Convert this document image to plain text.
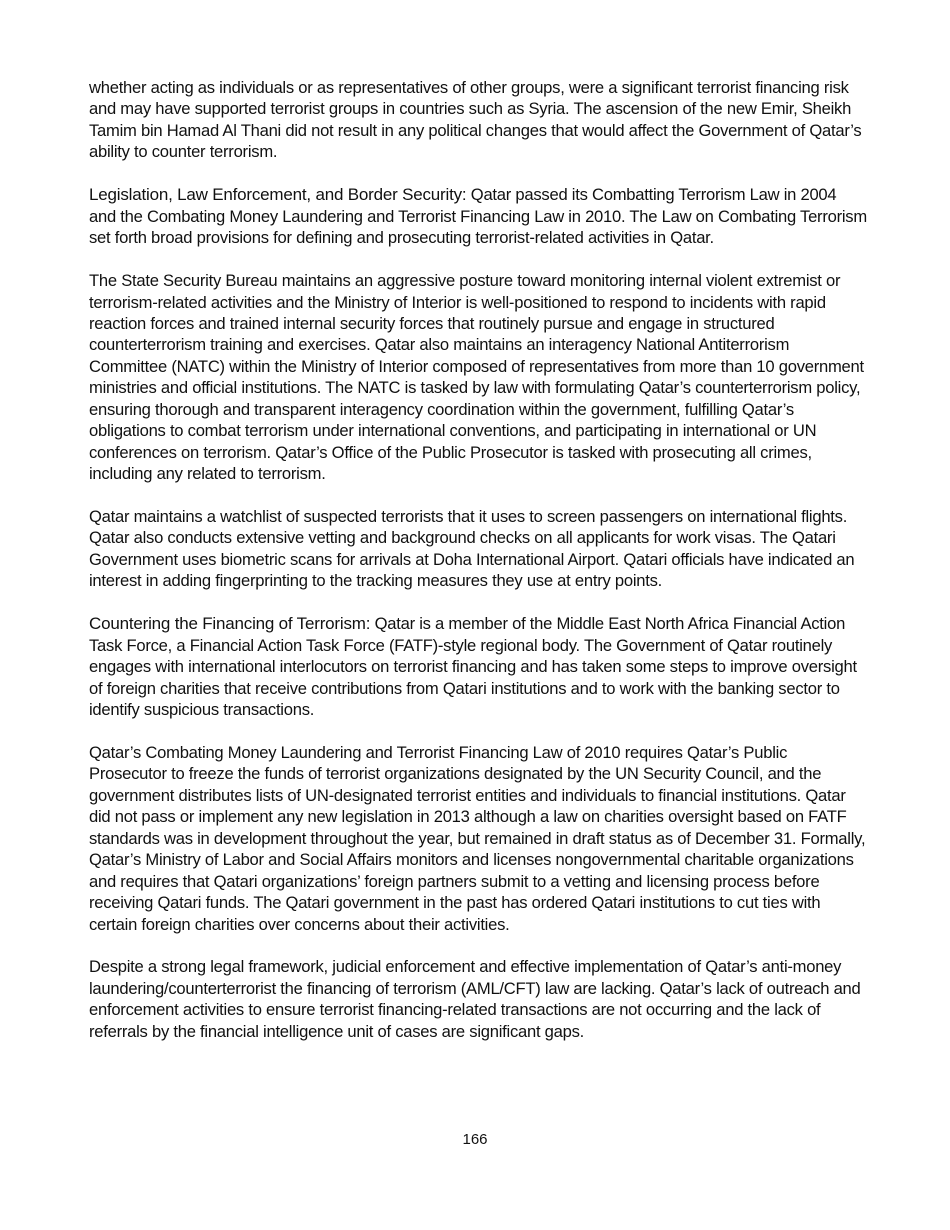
whether acting as individuals or as representatives of other groups, were a significant terrorist financing risk and may have supported terrorist groups in countries such as Syria. The ascension of the new Emir, Sheikh Tamim bin Hamad Al Thani did not result in any political changes that would affect the Government of Qatar’s ability to counter terrorism.

Legislation, Law Enforcement, and Border Security: Qatar passed its Combatting Terrorism Law in 2004 and the Combating Money Laundering and Terrorist Financing Law in 2010. The Law on Combating Terrorism set forth broad provisions for defining and prosecuting terrorist-related activities in Qatar.

The State Security Bureau maintains an aggressive posture toward monitoring internal violent extremist or terrorism-related activities and the Ministry of Interior is well-positioned to respond to incidents with rapid reaction forces and trained internal security forces that routinely pursue and engage in structured counterterrorism training and exercises. Qatar also maintains an interagency National Antiterrorism Committee (NATC) within the Ministry of Interior composed of representatives from more than 10 government ministries and official institutions. The NATC is tasked by law with formulating Qatar’s counterterrorism policy, ensuring thorough and transparent interagency coordination within the government, fulfilling Qatar’s obligations to combat terrorism under international conventions, and participating in international or UN conferences on terrorism. Qatar’s Office of the Public Prosecutor is tasked with prosecuting all crimes, including any related to terrorism.

Qatar maintains a watchlist of suspected terrorists that it uses to screen passengers on international flights. Qatar also conducts extensive vetting and background checks on all applicants for work visas. The Qatari Government uses biometric scans for arrivals at Doha International Airport. Qatari officials have indicated an interest in adding fingerprinting to the tracking measures they use at entry points.

Countering the Financing of Terrorism: Qatar is a member of the Middle East North Africa Financial Action Task Force, a Financial Action Task Force (FATF)-style regional body. The Government of Qatar routinely engages with international interlocutors on terrorist financing and has taken some steps to improve oversight of foreign charities that receive contributions from Qatari institutions and to work with the banking sector to identify suspicious transactions.

Qatar’s Combating Money Laundering and Terrorist Financing Law of 2010 requires Qatar’s Public Prosecutor to freeze the funds of terrorist organizations designated by the UN Security Council, and the government distributes lists of UN-designated terrorist entities and individuals to financial institutions. Qatar did not pass or implement any new legislation in 2013 although a law on charities oversight based on FATF standards was in development throughout the year, but remained in draft status as of December 31. Formally, Qatar’s Ministry of Labor and Social Affairs monitors and licenses nongovernmental charitable organizations and requires that Qatari organizations’ foreign partners submit to a vetting and licensing process before receiving Qatari funds. The Qatari government in the past has ordered Qatari institutions to cut ties with certain foreign charities over concerns about their activities.

Despite a strong legal framework, judicial enforcement and effective implementation of Qatar’s anti-money laundering/counterterrorist the financing of terrorism (AML/CFT) law are lacking. Qatar’s lack of outreach and enforcement activities to ensure terrorist financing-related transactions are not occurring and the lack of referrals by the financial intelligence unit of cases are significant gaps.

166
